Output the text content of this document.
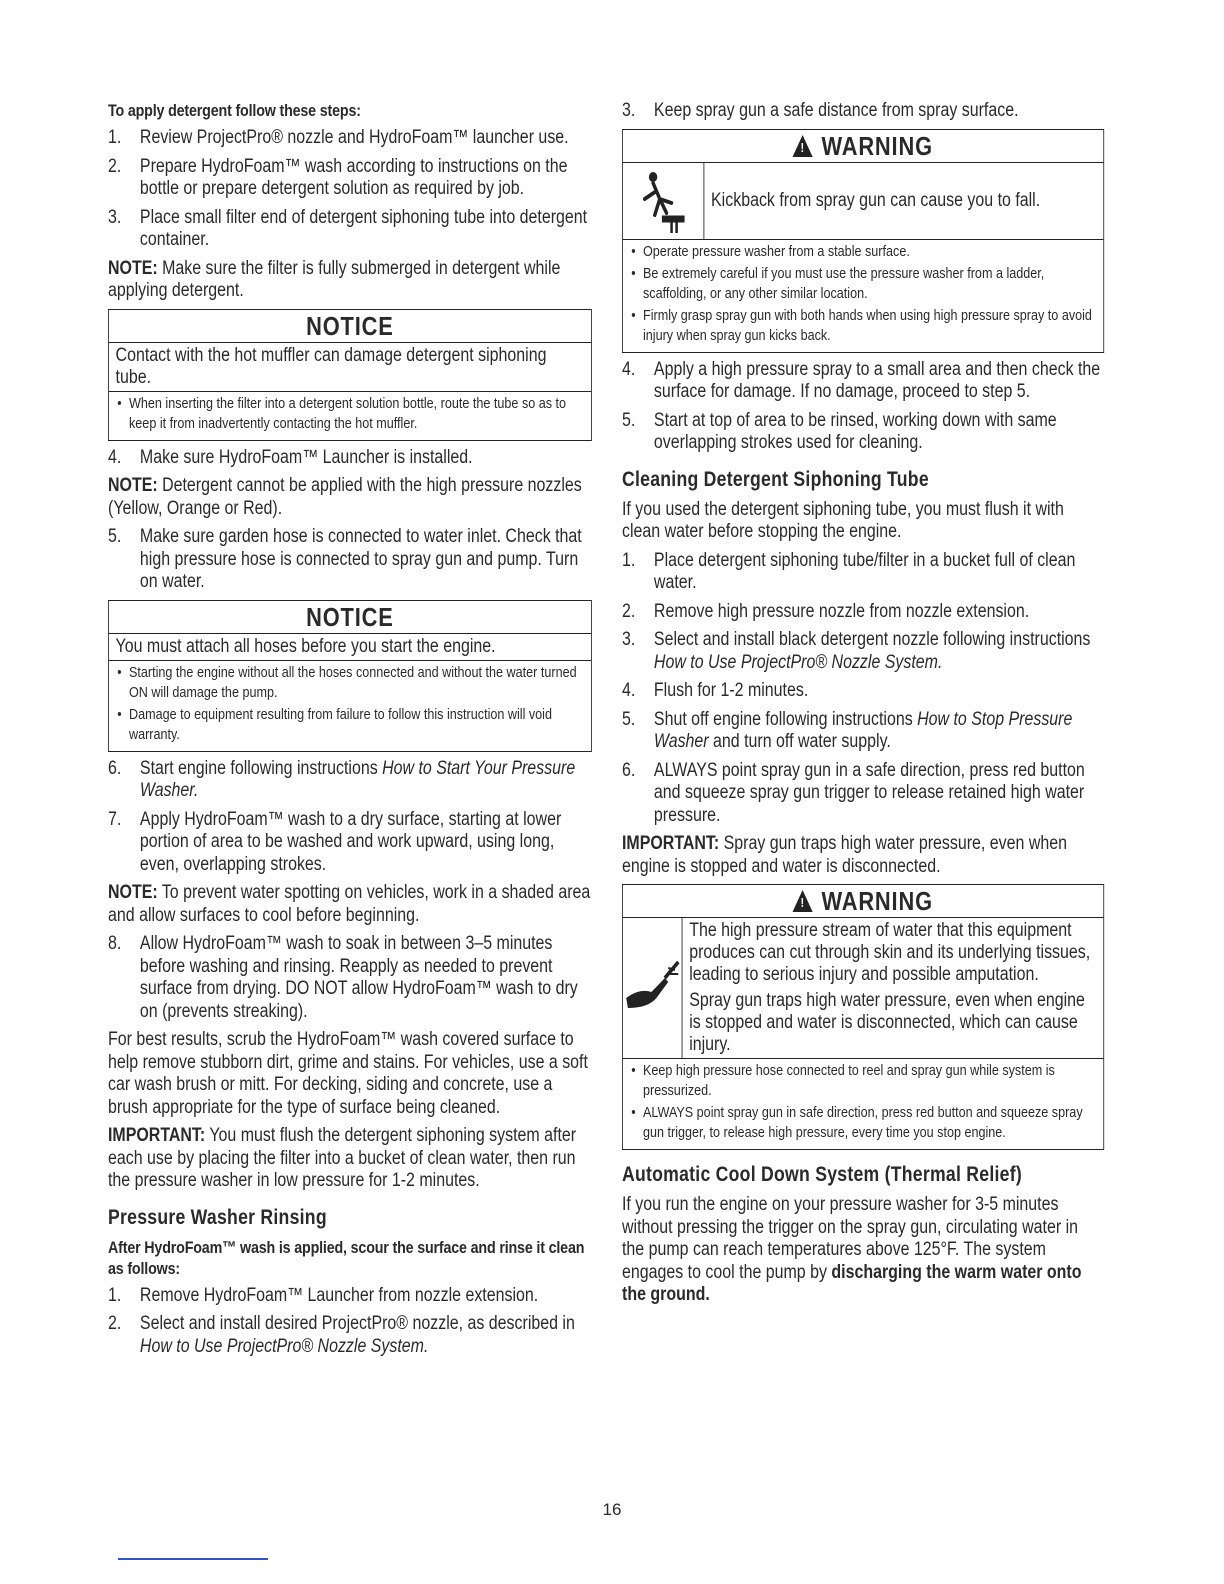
To apply detergent follow these steps:

1. Review ProjectPro® nozzle and HydroFoam™ launcher use.
2. Prepare HydroFoam™ wash according to instructions on the bottle or prepare detergent solution as required by job.
3. Place small filter end of detergent siphoning tube into detergent container.

NOTE: Make sure the filter is fully submerged in detergent while applying detergent.

NOTICE
Contact with the hot muffler can damage detergent siphoning tube.
• When inserting the filter into a detergent solution bottle, route the tube so as to keep it from inadvertently contacting the hot muffler.
4. Make sure HydroFoam™ Launcher is installed.

NOTE: Detergent cannot be applied with the high pressure nozzles (Yellow, Orange or Red).

5. Make sure garden hose is connected to water inlet. Check that high pressure hose is connected to spray gun and pump. Turn on water.
NOTICE
You must attach all hoses before you start the engine.
• Starting the engine without all the hoses connected and without the water turned ON will damage the pump.
• Damage to equipment resulting from failure to follow this instruction will void warranty.
6. Start engine following instructions How to Start Your Pressure Washer.
7. Apply HydroFoam™ wash to a dry surface, starting at lower portion of area to be washed and work upward, using long, even, overlapping strokes.

NOTE: To prevent water spotting on vehicles, work in a shaded area and allow surfaces to cool before beginning.

8. Allow HydroFoam™ wash to soak in between 3–5 minutes before washing and rinsing. Reapply as needed to prevent surface from drying. DO NOT allow HydroFoam™ wash to dry on (prevents streaking).

For best results, scrub the HydroFoam™ wash covered surface to help remove stubborn dirt, grime and stains. For vehicles, use a soft car wash brush or mitt. For decking, siding and concrete, use a brush appropriate for the type of surface being cleaned.

IMPORTANT: You must flush the detergent siphoning system after each use by placing the filter into a bucket of clean water, then run the pressure washer in low pressure for 1-2 minutes.

Pressure Washer Rinsing

After HydroFoam™ wash is applied, scour the surface and rinse it clean as follows:

1. Remove HydroFoam™ Launcher from nozzle extension.
2. Select and install desired ProjectPro® nozzle, as described in How to Use ProjectPro® Nozzle System.
3. Keep spray gun a safe distance from spray surface.
! WARNING
Kickback from spray gun can cause you to fall.
• Operate pressure washer from a stable surface.
• Be extremely careful if you must use the pressure washer from a ladder, scaffolding, or any other similar location.
• Firmly grasp spray gun with both hands when using high pressure spray to avoid injury when spray gun kicks back.
4. Apply a high pressure spray to a small area and then check the surface for damage. If no damage, proceed to step 5.
5. Start at top of area to be rinsed, working down with same overlapping strokes used for cleaning.
Cleaning Detergent Siphoning Tube

If you used the detergent siphoning tube, you must flush it with clean water before stopping the engine.

1. Place detergent siphoning tube/filter in a bucket full of clean water.
2. Remove high pressure nozzle from nozzle extension.
3. Select and install black detergent nozzle following instructions How to Use ProjectPro® Nozzle System.
4. Flush for 1-2 minutes.
5. Shut off engine following instructions How to Stop Pressure Washer and turn off water supply.
6. ALWAYS point spray gun in a safe direction, press red button and squeeze spray gun trigger to release retained high water pressure.

IMPORTANT: Spray gun traps high water pressure, even when engine is stopped and water is disconnected.

! WARNING
The high pressure stream of water that this equipment produces can cut through skin and its underlying tissues, leading to serious injury and possible amputation.
Spray gun traps high water pressure, even when engine is stopped and water is disconnected, which can cause injury.
• Keep high pressure hose connected to reel and spray gun while system is pressurized.
• ALWAYS point spray gun in safe direction, press red button and squeeze spray gun trigger, to release high pressure, every time you stop engine.
Automatic Cool Down System (Thermal Relief)

If you run the engine on your pressure washer for 3-5 minutes without pressing the trigger on the spray gun, circulating water in the pump can reach temperatures above 125°F. The system engages to cool the pump by discharging the warm water onto the ground.

16
